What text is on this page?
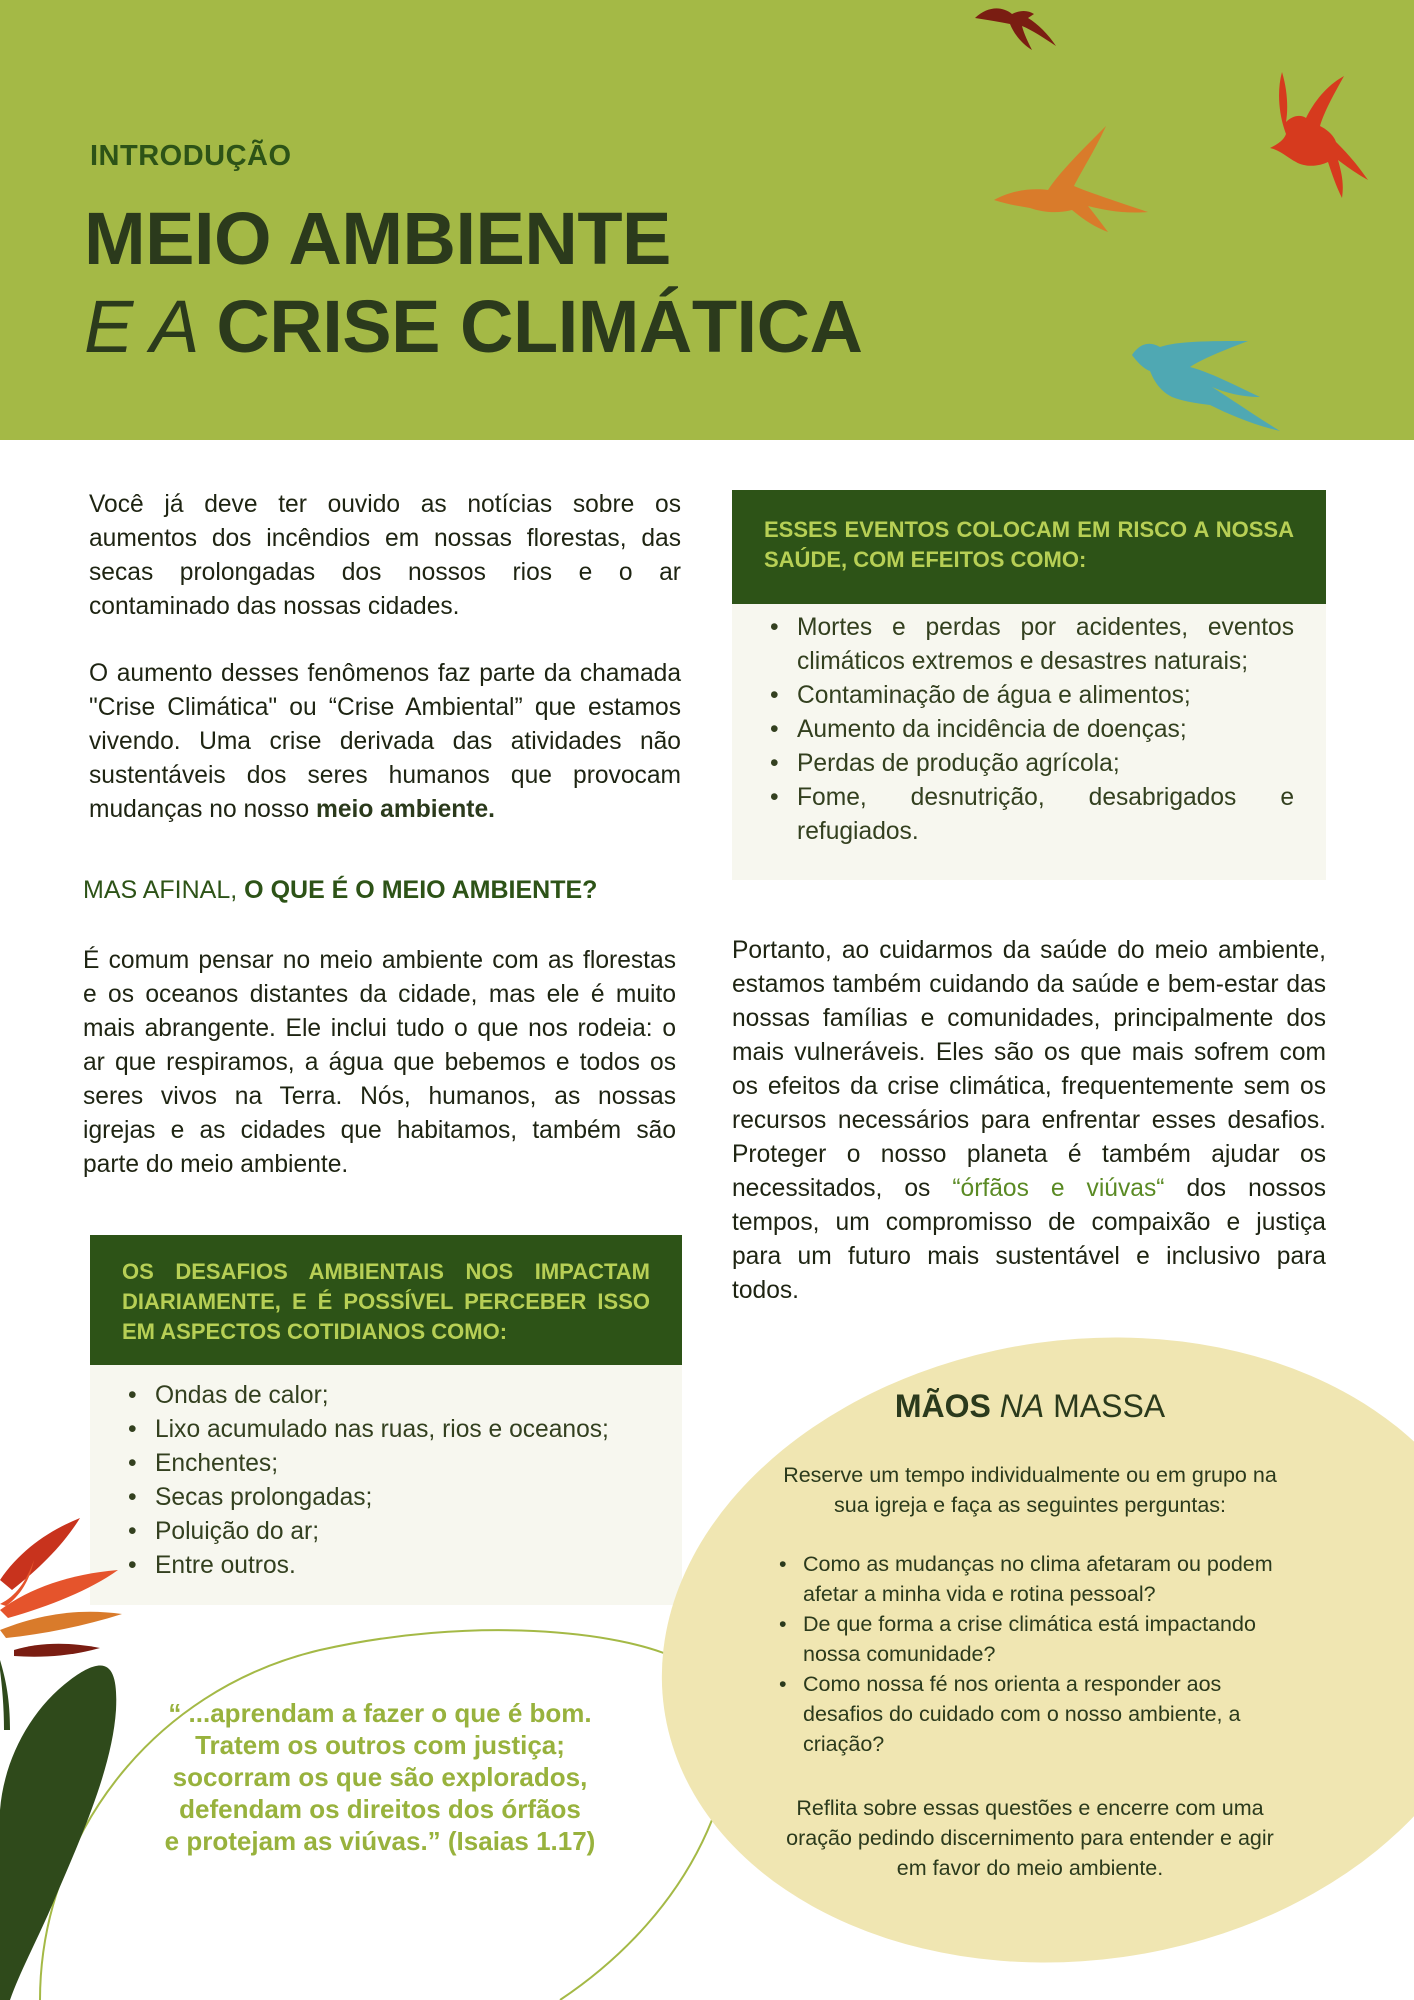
INTRODUÇÃO
MEIO AMBIENTE
E A CRISE CLIMÁTICA

Você já deve ter ouvido as notícias sobre os aumentos dos incêndios em nossas florestas, das secas prolongadas dos nossos rios e o ar contaminado das nossas cidades.

O aumento desses fenômenos faz parte da chamada "Crise Climática" ou “Crise Ambiental” que estamos vivendo. Uma crise derivada das atividades não sustentáveis dos seres humanos que provocam mudanças no nosso meio ambiente.

MAS AFINAL, O QUE É O MEIO AMBIENTE?

É comum pensar no meio ambiente com as florestas e os oceanos distantes da cidade, mas ele é muito mais abrangente. Ele inclui tudo o que nos rodeia: o ar que respiramos, a água que bebemos e todos os seres vivos na Terra. Nós, humanos, as nossas igrejas e as cidades que habitamos, também são parte do meio ambiente.

ESSES EVENTOS COLOCAM EM RISCO A NOSSA SAÚDE, COM EFEITOS COMO:
• Mortes e perdas por acidentes, eventos climáticos extremos e desastres naturais;
• Contaminação de água e alimentos;
• Aumento da incidência de doenças;
• Perdas de produção agrícola;
• Fome, desnutrição, desabrigados e refugiados.

Portanto, ao cuidarmos da saúde do meio ambiente, estamos também cuidando da saúde e bem-estar das nossas famílias e comunidades, principalmente dos mais vulneráveis. Eles são os que mais sofrem com os efeitos da crise climática, frequentemente sem os recursos necessários para enfrentar esses desafios. Proteger o nosso planeta é também ajudar os necessitados, os “órfãos e viúvas“ dos nossos tempos, um compromisso de compaixão e justiça para um futuro mais sustentável e inclusivo para todos.

OS DESAFIOS AMBIENTAIS NOS IMPACTAM DIARIAMENTE, E É POSSÍVEL PERCEBER ISSO EM ASPECTOS COTIDIANOS COMO:
• Ondas de calor;
• Lixo acumulado nas ruas, rios e oceanos;
• Enchentes;
• Secas prolongadas;
• Poluição do ar;
• Entre outros.
MÃOS NA MASSA

Reserve um tempo individualmente ou em grupo na sua igreja e faça as seguintes perguntas:

• Como as mudanças no clima afetaram ou podem afetar a minha vida e rotina pessoal?
• De que forma a crise climática está impactando nossa comunidade?
• Como nossa fé nos orienta a responder aos desafios do cuidado com o nosso ambiente, a criação?

Reflita sobre essas questões e encerre com uma oração pedindo discernimento para entender e agir em favor do meio ambiente.

“ ...aprendam a fazer o que é bom.
Tratem os outros com justiça;
socorram os que são explorados,
defendam os direitos dos órfãos
e protejam as viúvas.” (Isaias 1.17)
